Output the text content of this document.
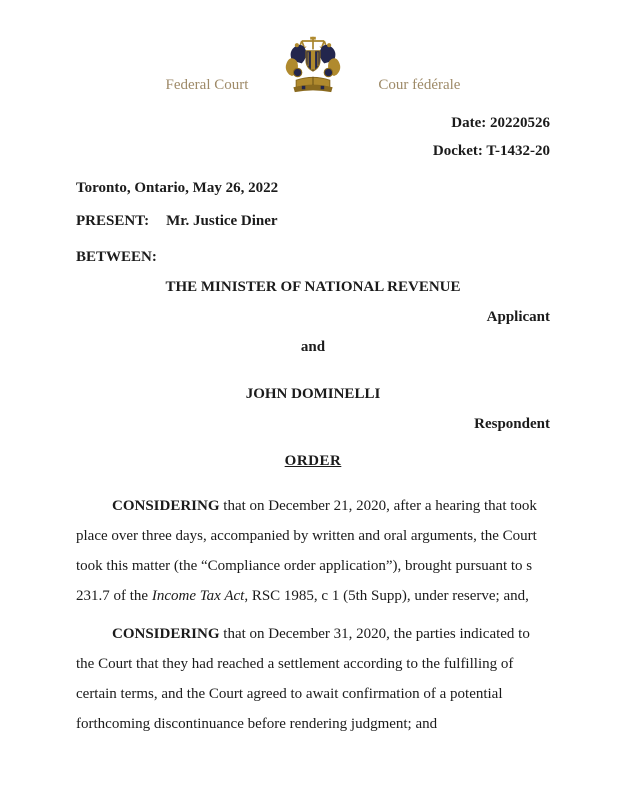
Federal Court	Cour fédérale
Date: 20220526
Docket: T-1432-20
Toronto, Ontario, May 26, 2022
PRESENT: Mr. Justice Diner
BETWEEN:
THE MINISTER OF NATIONAL REVENUE
Applicant
and
JOHN DOMINELLI
Respondent
ORDER

CONSIDERING that on December 21, 2020, after a hearing that took place over three days, accompanied by written and oral arguments, the Court took this matter (the “Compliance order application”), brought pursuant to s 231.7 of the Income Tax Act, RSC 1985, c 1 (5th Supp), under reserve; and,

CONSIDERING that on December 31, 2020, the parties indicated to the Court that they had reached a settlement according to the fulfilling of certain terms, and the Court agreed to await confirmation of a potential forthcoming discontinuance before rendering judgment; and
